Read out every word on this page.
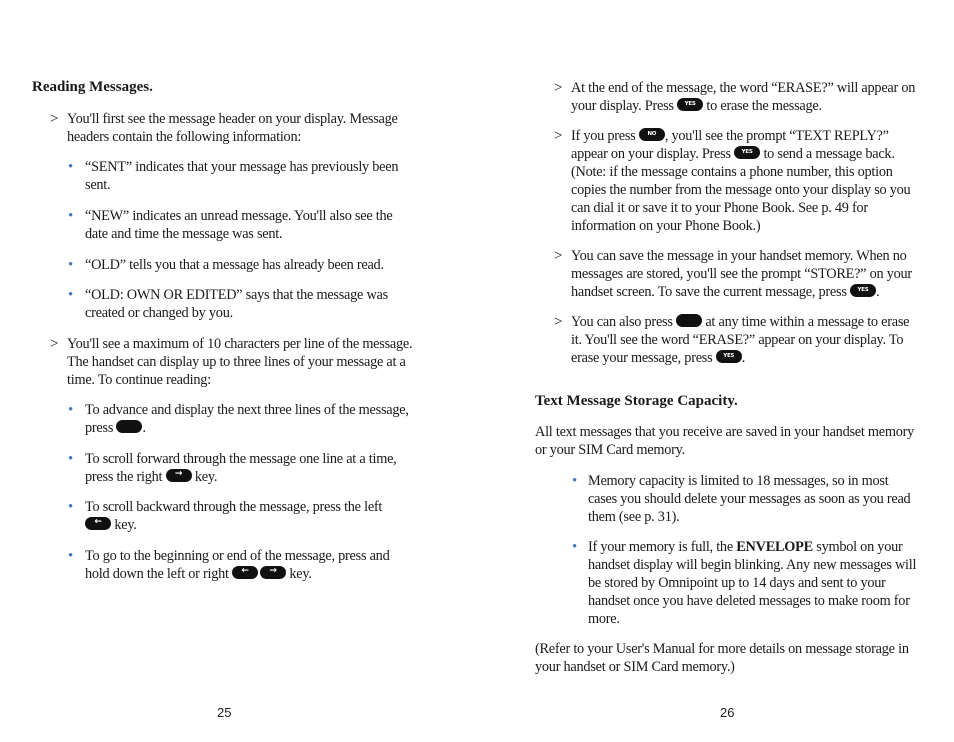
Reading Messages.
> You'll first see the message header on your display. Message
headers contain the following information:
• “SENT” indicates that your message has previously been
sent.
• “NEW” indicates an unread message. You'll also see the
date and time the message was sent.
• “OLD” tells you that a message has already been read.
• “OLD: OWN OR EDITED” says that the message was
created or changed by you.
> You'll see a maximum of 10 characters per line of the message.
The handset can display up to three lines of your message at a
time. To continue reading:
• To advance and display the next three lines of the message,
press .
• To scroll forward through the message one line at a time,
press the right	→ key.
• To scroll backward through the message, press the left
← key.
• To go to the beginning or end of the message, press and
hold down the left or right	←	→ key.
25
> At the end of the message, the word “ERASE?” will appear on
your display. Press	YES to erase the message.
> If you press	NO , you'll see the prompt “TEXT REPLY?”
appear on your display. Press	YES to send a message back.
(Note: if the message contains a phone number, this option
copies the number from the message onto your display so you
can dial it or save it to your Phone Book. See p. 49 for
information on your Phone Book.)
> You can save the message in your handset memory. When no
messages are stored, you'll see the prompt “STORE?” on your
handset screen. To save the current message, press	YES .
> You can also press at any time within a message to erase
it. You'll see the word “ERASE?” appear on your display. To
erase your message, press	YES .
Text Message Storage Capacity.
All text messages that you receive are saved in your handset memory
or your SIM Card memory.
• Memory capacity is limited to 18 messages, so in most
cases you should delete your messages as soon as you read
them (see p. 31).
• If your memory is full, the ENVELOPE symbol on your
handset display will begin blinking. Any new messages will
be stored by Omnipoint up to 14 days and sent to your
handset once you have deleted messages to make room for
more.
(Refer to your User's Manual for more details on message storage in
your handset or SIM Card memory.)
26
